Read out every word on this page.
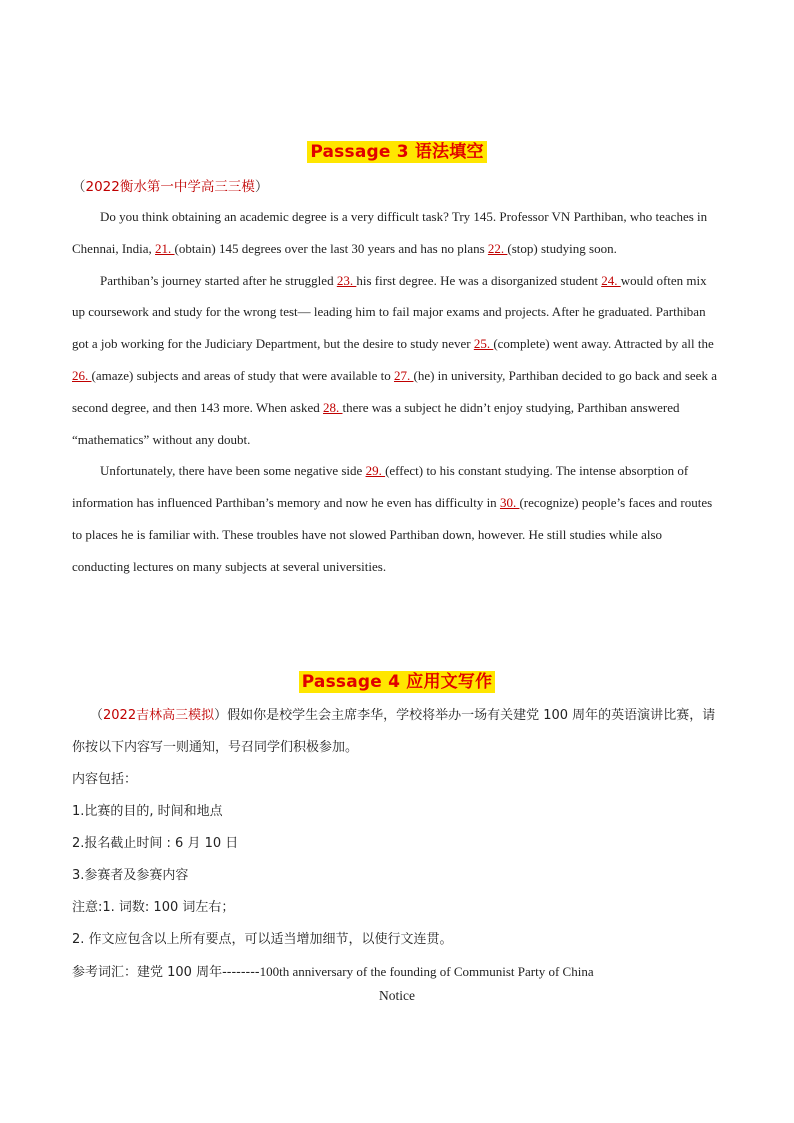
Passage 3 语法填空
（2022衡水第一中学高三三模）

Do you think obtaining an academic degree is a very difficult task? Try 145. Professor VN Parthiban, who teaches in Chennai, India, 21. (obtain) 145 degrees over the last 30 years and has no plans 22. (stop) studying soon.

Parthiban’s journey started after he struggled 23. his first degree. He was a disorganized student 24. would often mix up coursework and study for the wrong test— leading him to fail major exams and projects. After he graduated. Parthiban got a job working for the Judiciary Department, but the desire to study never 25. (complete) went away. Attracted by all the 26. (amaze) subjects and areas of study that were available to 27. (he) in university, Parthiban decided to go back and seek a second degree, and then 143 more. When asked 28. there was a subject he didn’t enjoy studying, Parthiban answered “mathematics” without any doubt.

Unfortunately, there have been some negative side 29. (effect) to his constant studying. The intense absorption of information has influenced Parthiban’s memory and now he even has difficulty in 30. (recognize) people’s faces and routes to places he is familiar with. These troubles have not slowed Parthiban down, however. He still studies while also conducting lectures on many subjects at several universities.

Passage 4 应用文写作
（2022吉林高三模拟）假如你是校学生会主席李华，学校将举办一场有关建党 100 周年的英语演讲比赛，请你按以下内容写一则通知，号召同学们积极参加。
内容包括：
1.比赛的目的, 时间和地点
2.报名截止时间 : 6 月 10 日
3.参赛者及参赛内容
注意:1. 词数: 100 词左右；
2. 作文应包含以上所有要点，可以适当增加细节，以使行文连贯。
参考词汇：建党 100 周年--------100th anniversary of the founding of Communist Party of China
Notice
